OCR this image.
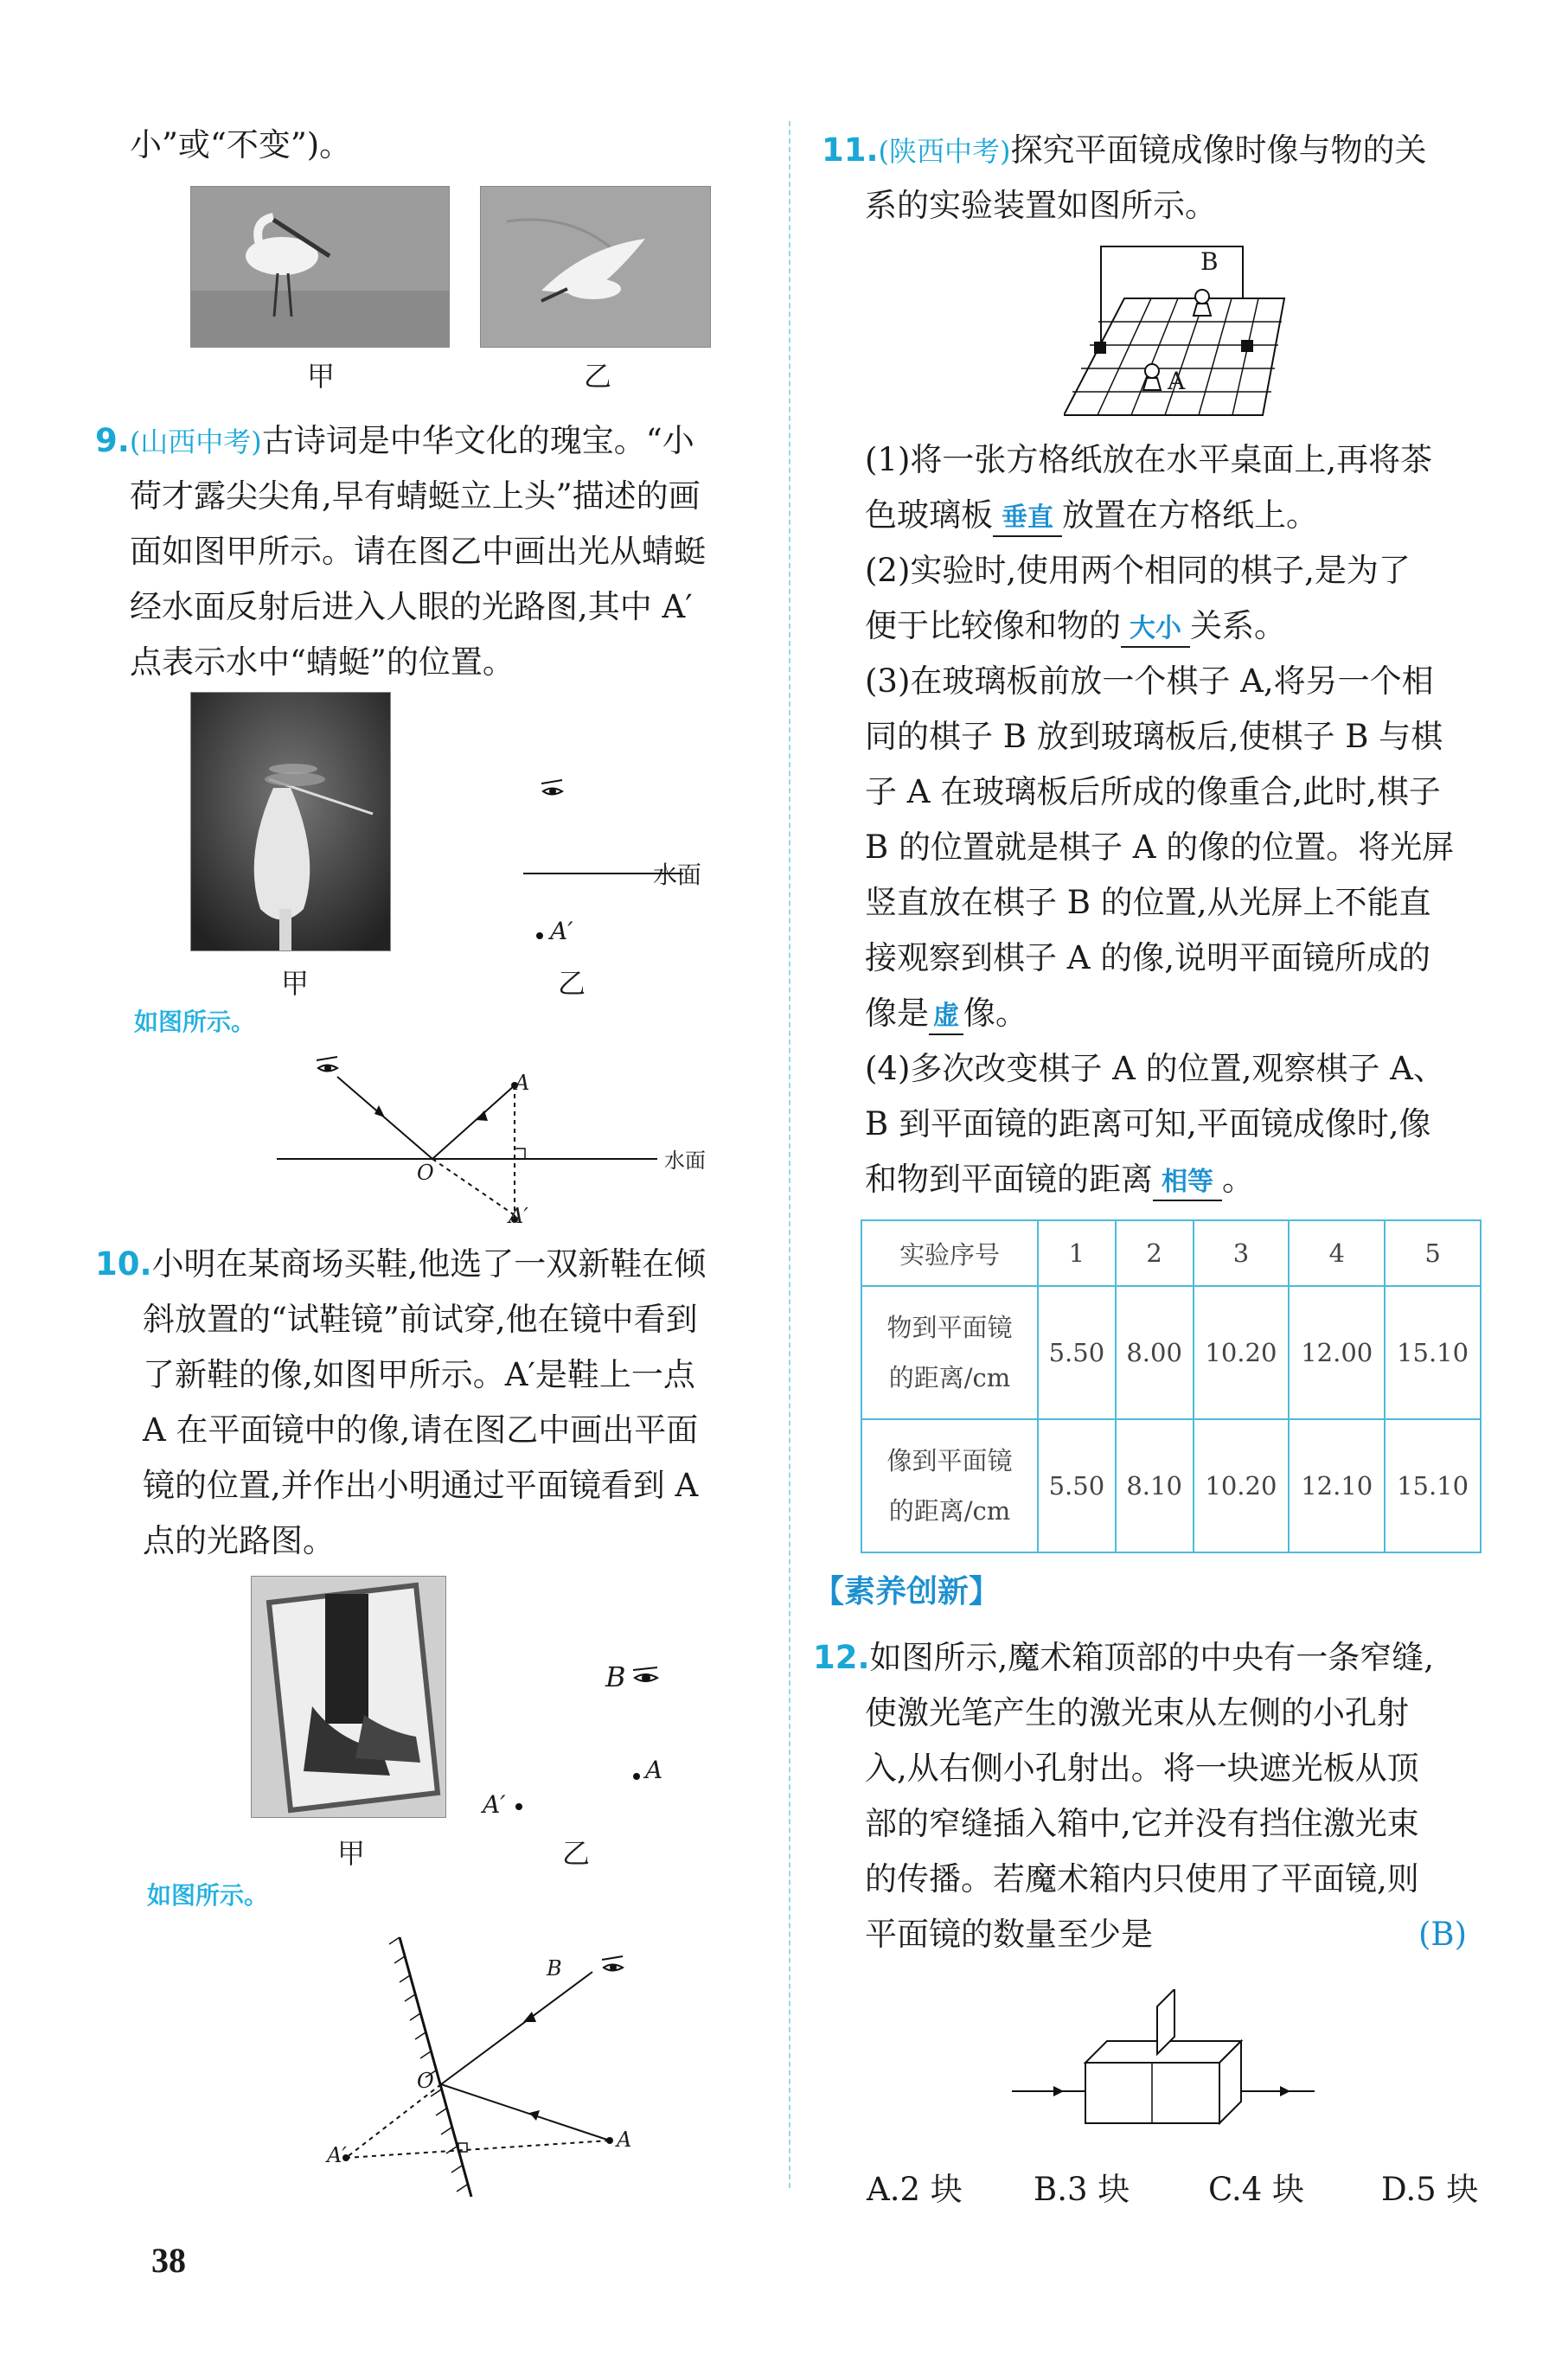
小”或“不变”)。
甲	乙
9.(山西中考)古诗词是中华文化的瑰宝。“小
荷才露尖尖角,早有蜻蜓立上头”描述的画
面如图甲所示。请在图乙中画出光从蜻蜓
经水面反射后进入人眼的光路图,其中 A′
点表示水中“蜻蜓”的位置。
水面
A′
甲	乙
如图所示。
A
O
A′
水面
10.小明在某商场买鞋,他选了一双新鞋在倾
斜放置的“试鞋镜”前试穿,他在镜中看到
了新鞋的像,如图甲所示。A′是鞋上一点
A 在平面镜中的像,请在图乙中画出平面
镜的位置,并作出小明通过平面镜看到 A
点的光路图。
B
A
A′
甲	乙
如图所示。
B
O
A
A′
38
11.(陕西中考)探究平面镜成像时像与物的关
系的实验装置如图所示。
B
A
(1)将一张方格纸放在水平桌面上,再将茶
色玻璃板 垂直 放置在方格纸上。
(2)实验时,使用两个相同的棋子,是为了
便于比较像和物的 大小 关系。
(3)在玻璃板前放一个棋子 A,将另一个相
同的棋子 B 放到玻璃板后,使棋子 B 与棋
子 A 在玻璃板后所成的像重合,此时,棋子
B 的位置就是棋子 A 的像的位置。将光屏
竖直放在棋子 B 的位置,从光屏上不能直
接观察到棋子 A 的像,说明平面镜所成的
像是 虚 像。
(4)多次改变棋子 A 的位置,观察棋子 A、
B 到平面镜的距离可知,平面镜成像时,像
和物到平面镜的距离 相等 。
实验序号	1	2	3	4	5
物到平面镜
的距离/cm	5.50	8.00	10.20	12.00	15.10
像到平面镜
的距离/cm	5.50	8.10	10.20	12.10	15.10
【素养创新】
12.如图所示,魔术箱顶部的中央有一条窄缝,
使激光笔产生的激光束从左侧的小孔射
入,从右侧小孔射出。将一块遮光板从顶
部的窄缝插入箱中,它并没有挡住激光束
的传播。若魔术箱内只使用了平面镜,则
平面镜的数量至少是	(B)
A.2 块 B.3 块 C.4 块 D.5 块
